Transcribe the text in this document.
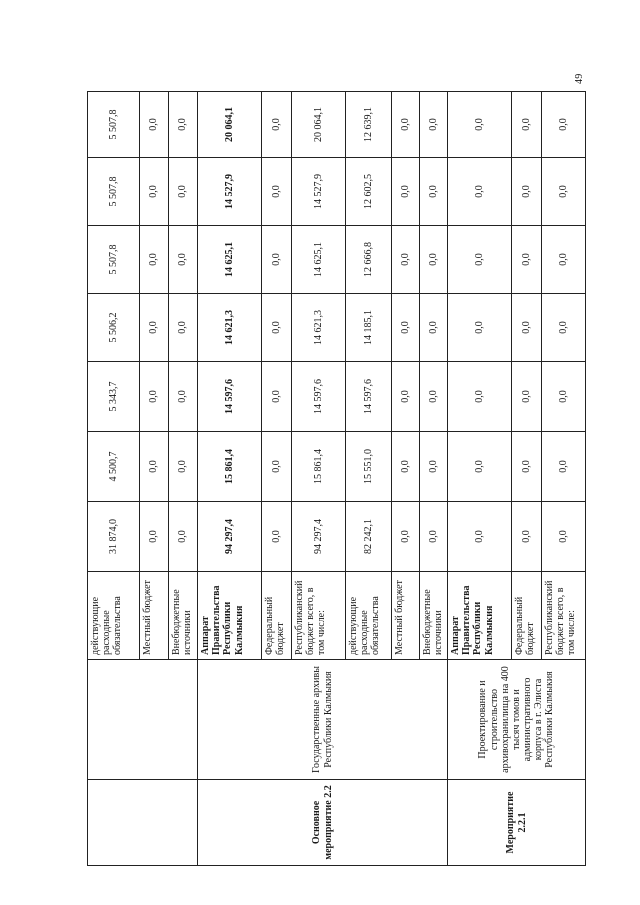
49
		действующие расходные обязательства	31 874,0	4 500,7	5 343,7	5 506,2	5 507,8	5 507,8	5 507,8
		Местный бюджет	0,0	0,0	0,0	0,0	0,0	0,0	0,0
		Внебюджетные источники	0,0	0,0	0,0	0,0	0,0	0,0	0,0
Основное мероприятие 2.2	Государственные архивы Республики Калмыкия	Аппарат Правительства Республики Калмыкия	94 297,4	15 861,4	14 597,6	14 621,3	14 625,1	14 527,9	20 064,1
		Федеральный бюджет	0,0	0,0	0,0	0,0	0,0	0,0	0,0
		Республиканский бюджет всего, в том числе:	94 297,4	15 861,4	14 597,6	14 621,3	14 625,1	14 527,9	20 064,1
		действующие расходные обязательства	82 242,1	15 551,0	14 597,6	14 185,1	12 666,8	12 602,5	12 639,1
		Местный бюджет	0,0	0,0	0,0	0,0	0,0	0,0	0,0
		Внебюджетные источники	0,0	0,0	0,0	0,0	0,0	0,0	0,0
Мероприятие 2.2.1	Проектирование и строительство архивохранилища на 400 тысяч томов и административного корпуса в г. Элиста Республики Калмыкия	Аппарат Правительства Республики Калмыкия	0,0	0,0	0,0	0,0	0,0	0,0	0,0
		Федеральный бюджет	0,0	0,0	0,0	0,0	0,0	0,0	0,0
		Республиканский бюджет всего, в том числе:	0,0	0,0	0,0	0,0	0,0	0,0	0,0
